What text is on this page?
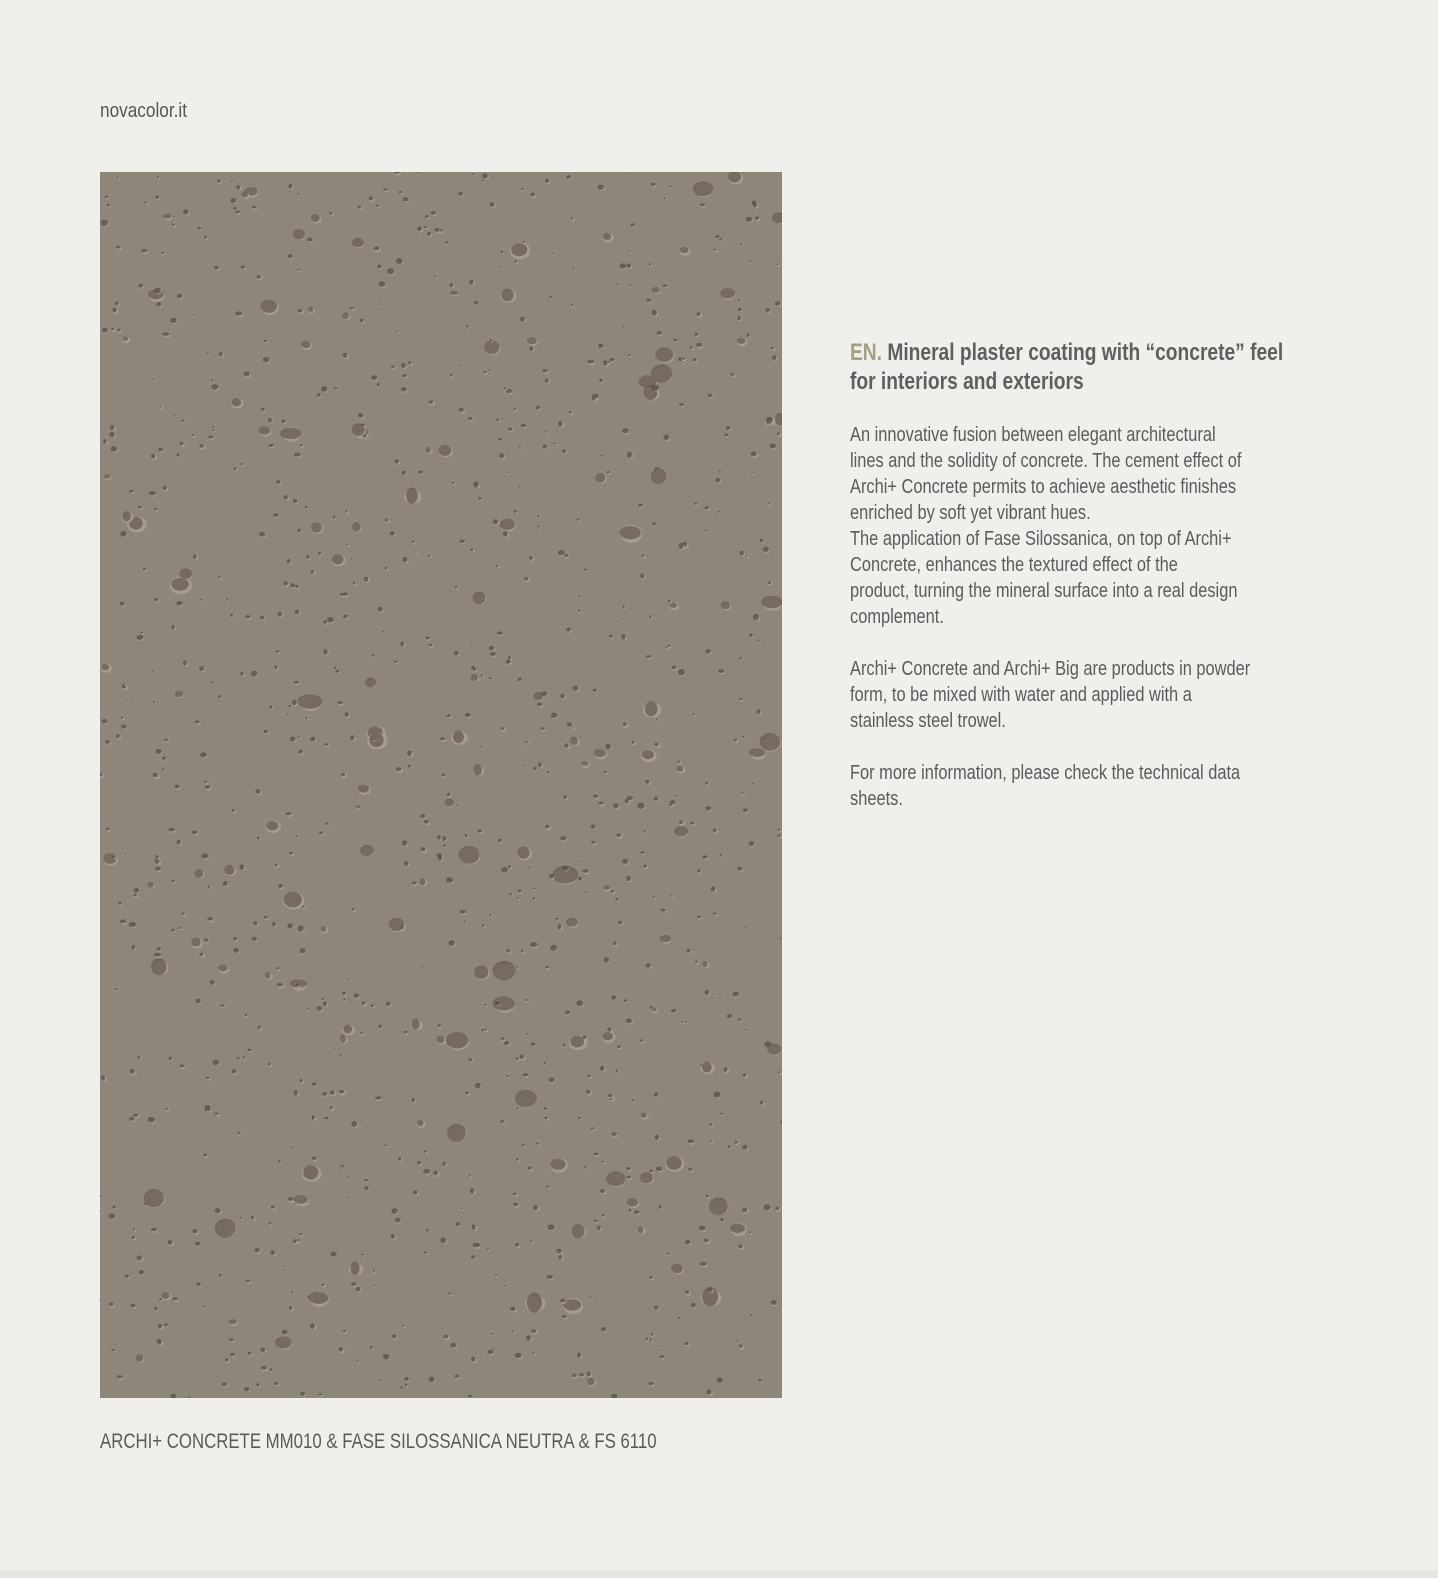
novacolor.it
ARCHI+ CONCRETE MM010 & FASE SILOSSANICA NEUTRA & FS 6110
EN. Mineral plaster coating with “concrete” feel
for interiors and exteriors
An innovative fusion between elegant architectural
lines and the solidity of concrete. The cement effect of
Archi+ Concrete permits to achieve aesthetic finishes
enriched by soft yet vibrant hues.
The application of Fase Silossanica, on top of Archi+
Concrete, enhances the textured effect of the
product, turning the mineral surface into a real design
complement.
Archi+ Concrete and Archi+ Big are products in powder
form, to be mixed with water and applied with a
stainless steel trowel.
For more information, please check the technical data
sheets.
